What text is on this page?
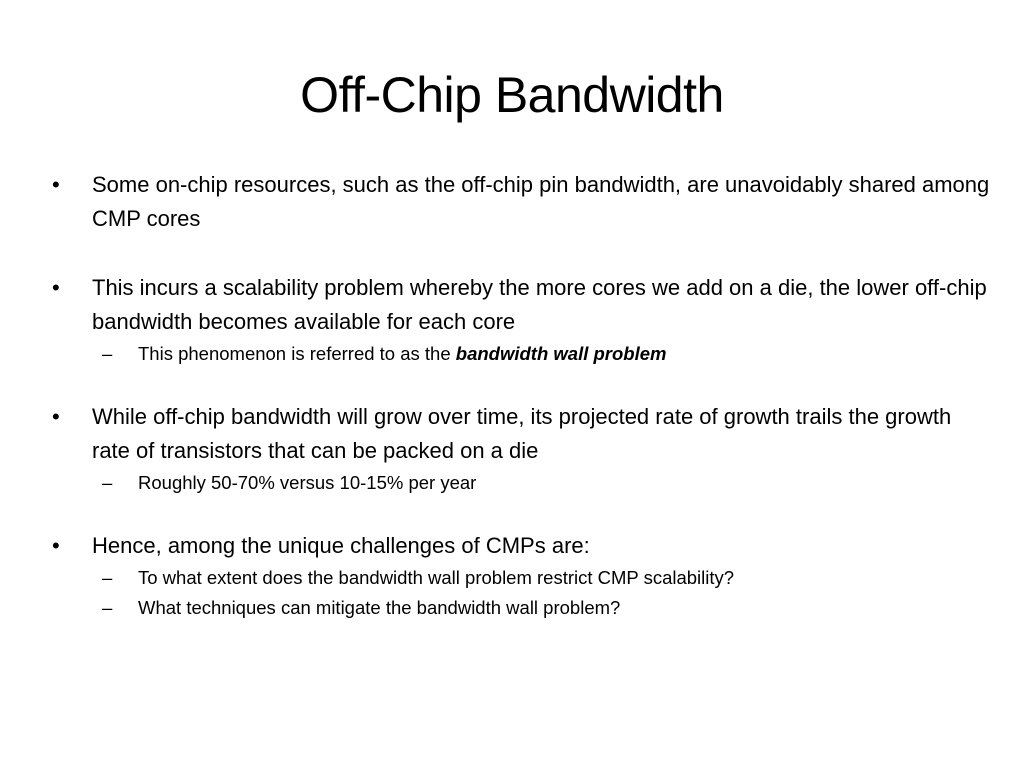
Off-Chip Bandwidth
•	Some on-chip resources, such as the off-chip pin bandwidth, are unavoidably shared among CMP cores
•	This incurs a scalability problem whereby the more cores we add on a die, the lower off-chip bandwidth becomes available for each core
– This phenomenon is referred to as the bandwidth wall problem
•	While off-chip bandwidth will grow over time, its projected rate of growth trails the growth rate of transistors that can be packed on a die
– Roughly 50-70% versus 10-15% per year
•	Hence, among the unique challenges of CMPs are:
– To what extent does the bandwidth wall problem restrict CMP scalability?
– What techniques can mitigate the bandwidth wall problem?
